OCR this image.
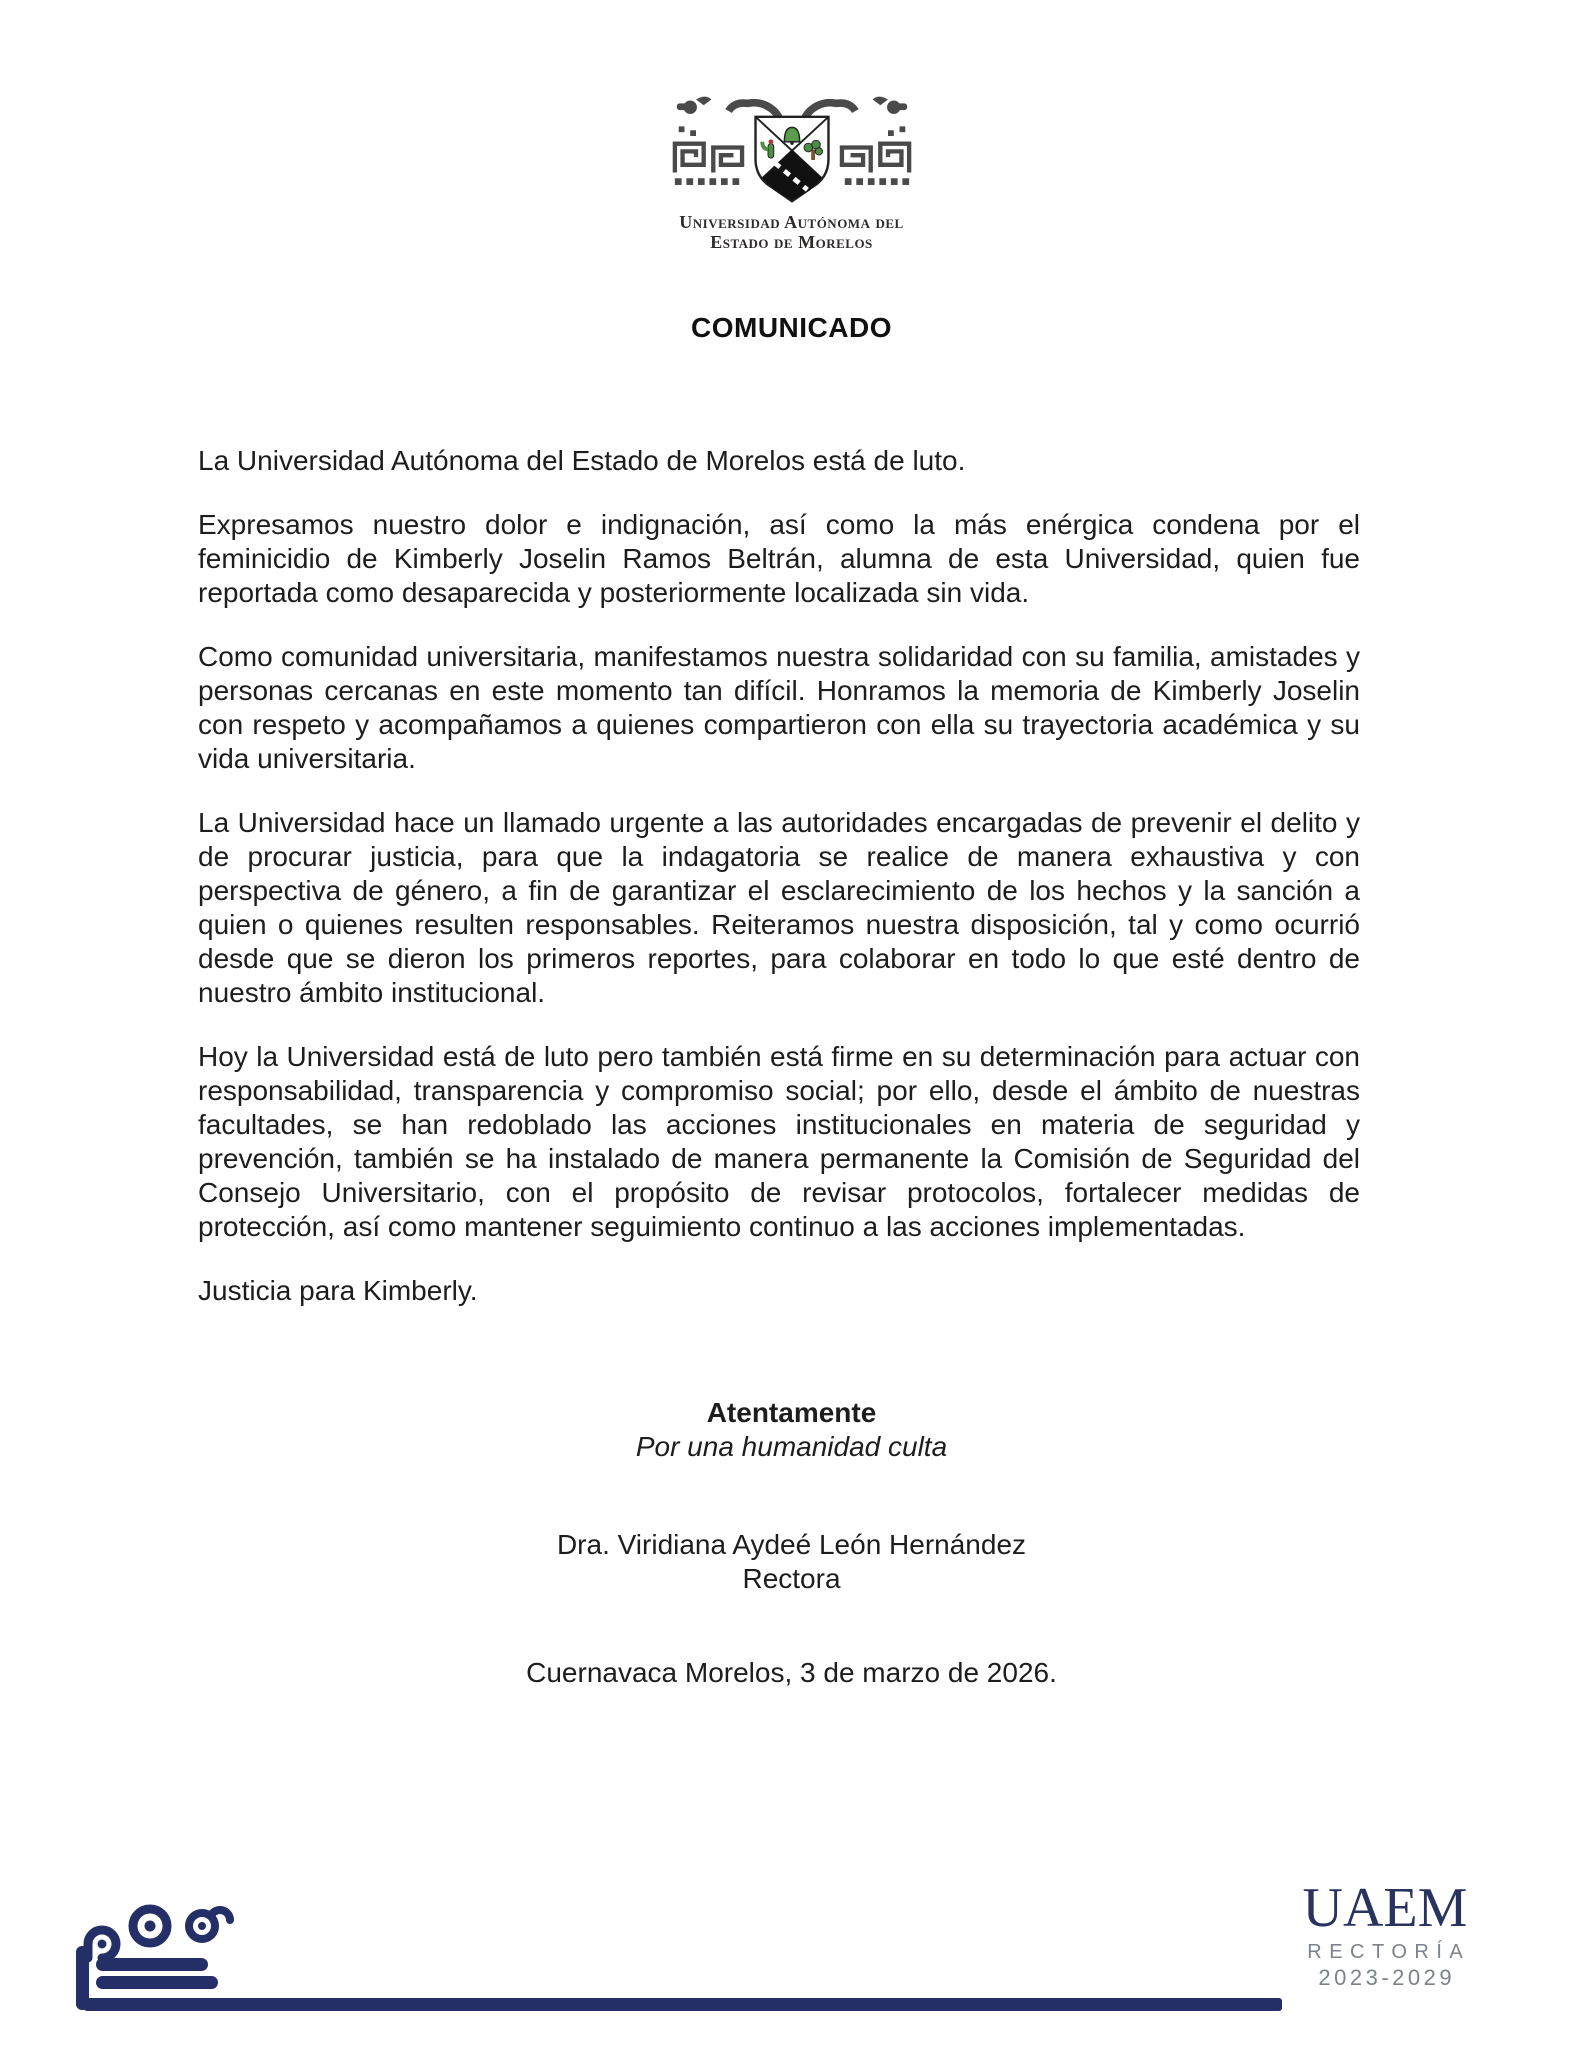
Universidad Autónoma del
Estado de Morelos
COMUNICADO

La Universidad Autónoma del Estado de Morelos está de luto.

Expresamos nuestro dolor e indignación, así como la más enérgica condena por el feminicidio de Kimberly Joselin Ramos Beltrán, alumna de esta Universidad, quien fue reportada como desaparecida y posteriormente localizada sin vida.

Como comunidad universitaria, manifestamos nuestra solidaridad con su familia, amistades y personas cercanas en este momento tan difícil. Honramos la memoria de Kimberly Joselin con respeto y acompañamos a quienes compartieron con ella su trayectoria académica y su vida universitaria.

La Universidad hace un llamado urgente a las autoridades encargadas de prevenir el delito y de procurar justicia, para que la indagatoria se realice de manera exhaustiva y con perspectiva de género, a fin de garantizar el esclarecimiento de los hechos y la sanción a quien o quienes resulten responsables. Reiteramos nuestra disposición, tal y como ocurrió desde que se dieron los primeros reportes, para colaborar en todo lo que esté dentro de nuestro ámbito institucional.

Hoy la Universidad está de luto pero también está firme en su determinación para actuar con responsabilidad, transparencia y compromiso social; por ello, desde el ámbito de nuestras facultades, se han redoblado las acciones institucionales en materia de seguridad y prevención, también se ha instalado de manera permanente la Comisión de Seguridad del Consejo Universitario, con el propósito de revisar protocolos, fortalecer medidas de protección, así como mantener seguimiento continuo a las acciones implementadas.

Justicia para Kimberly.

Atentamente
Por una humanidad culta
Dra. Viridiana Aydeé León Hernández
Rectora
Cuernavaca Morelos, 3 de marzo de 2026.
UAEM
RECTORÍA
2023-2029
